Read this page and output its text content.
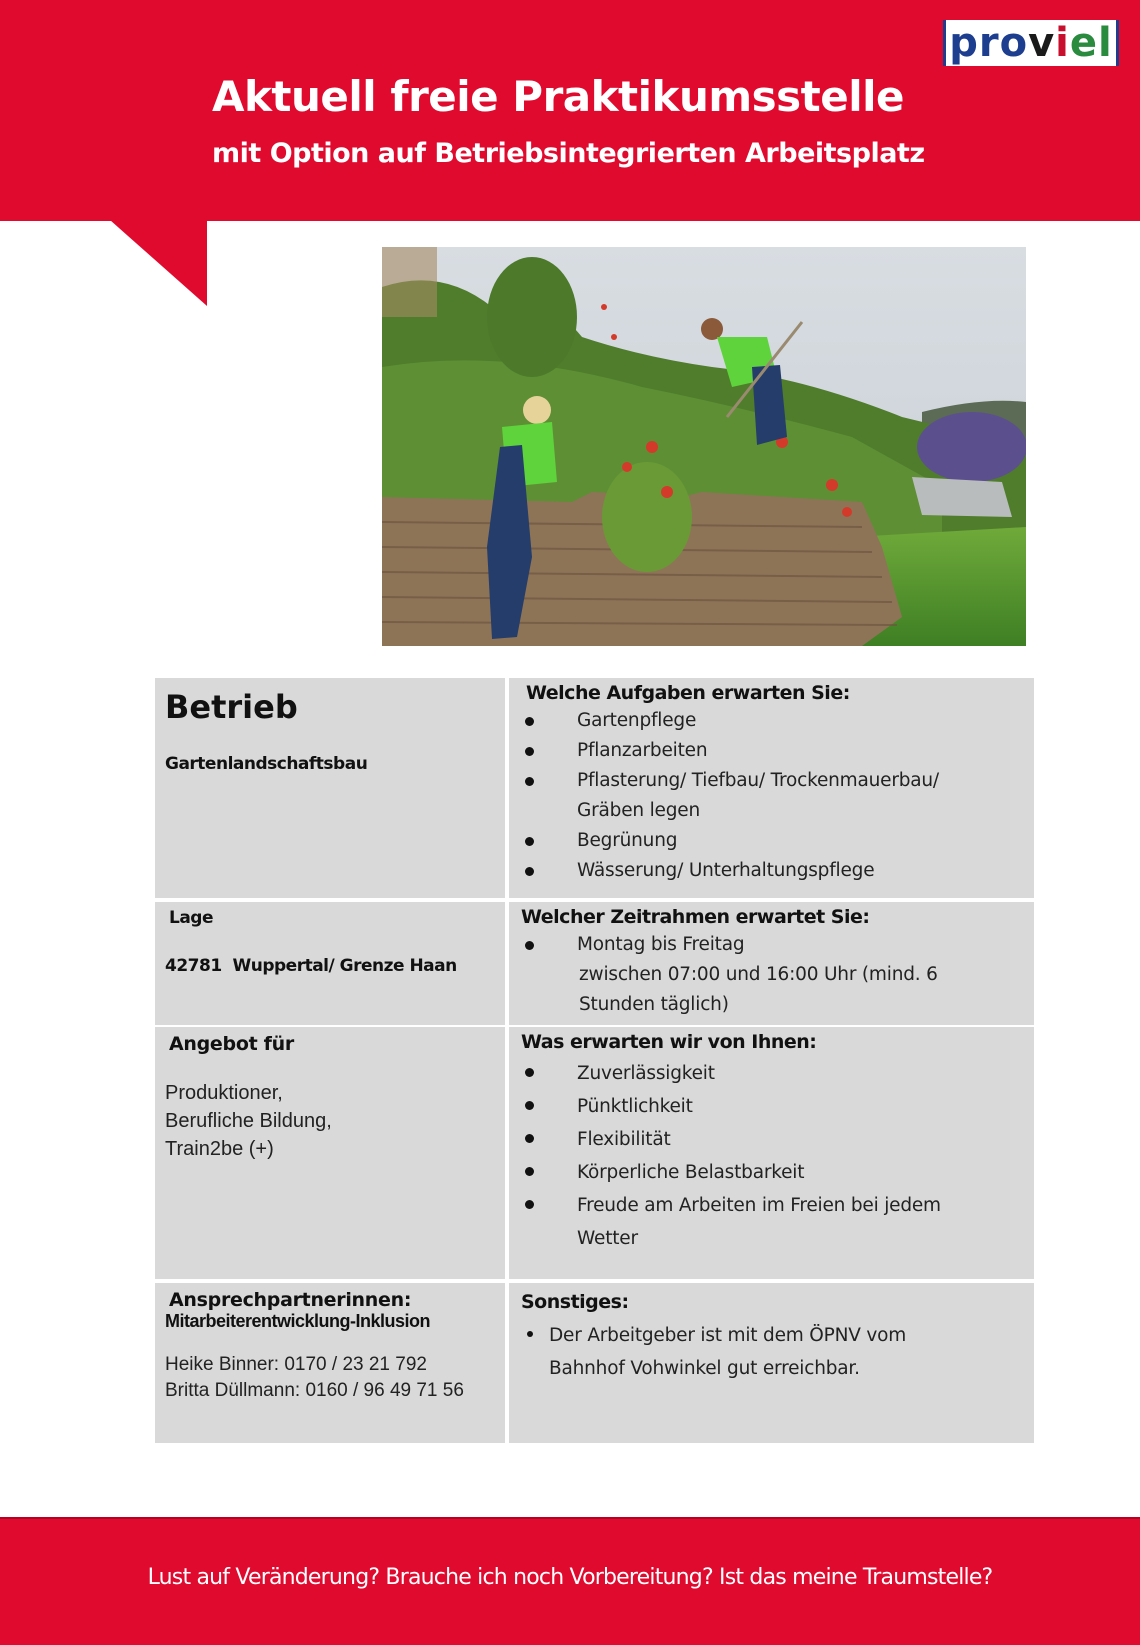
pro v i el
Aktuell freie Praktikumsstelle
mit Option auf Betriebsintegrierten Arbeitsplatz
Betrieb
Gartenlandschaftsbau
Welche Aufgaben erwarten Sie:
Gartenpflege
Pflanzarbeiten
Pflasterung/ Tiefbau/ Trockenmauerbau/
Gräben legen
Begrünung
Wässerung/ Unterhaltungspflege
Lage
42781  Wuppertal/ Grenze Haan
Welcher Zeitrahmen erwartet Sie:
Montag bis Freitag
zwischen 07:00 und 16:00 Uhr (mind. 6
Stunden täglich)
Angebot für
Produktioner,
Berufliche Bildung,
Train2be (+)
Was erwarten wir von Ihnen:
Zuverlässigkeit
Pünktlichkeit
Flexibilität
Körperliche Belastbarkeit
Freude am Arbeiten im Freien bei jedem
Wetter
Ansprechpartnerinnen:
Mitarbeiterentwicklung-Inklusion
Heike Binner: 0170 / 23 21 792
Britta Düllmann: 0160 / 96 49 71 56
Sonstiges:
Der Arbeitgeber ist mit dem ÖPNV vom
Bahnhof Vohwinkel gut erreichbar.
Lust auf Veränderung? Brauche ich noch Vorbereitung? Ist das meine Traumstelle?
